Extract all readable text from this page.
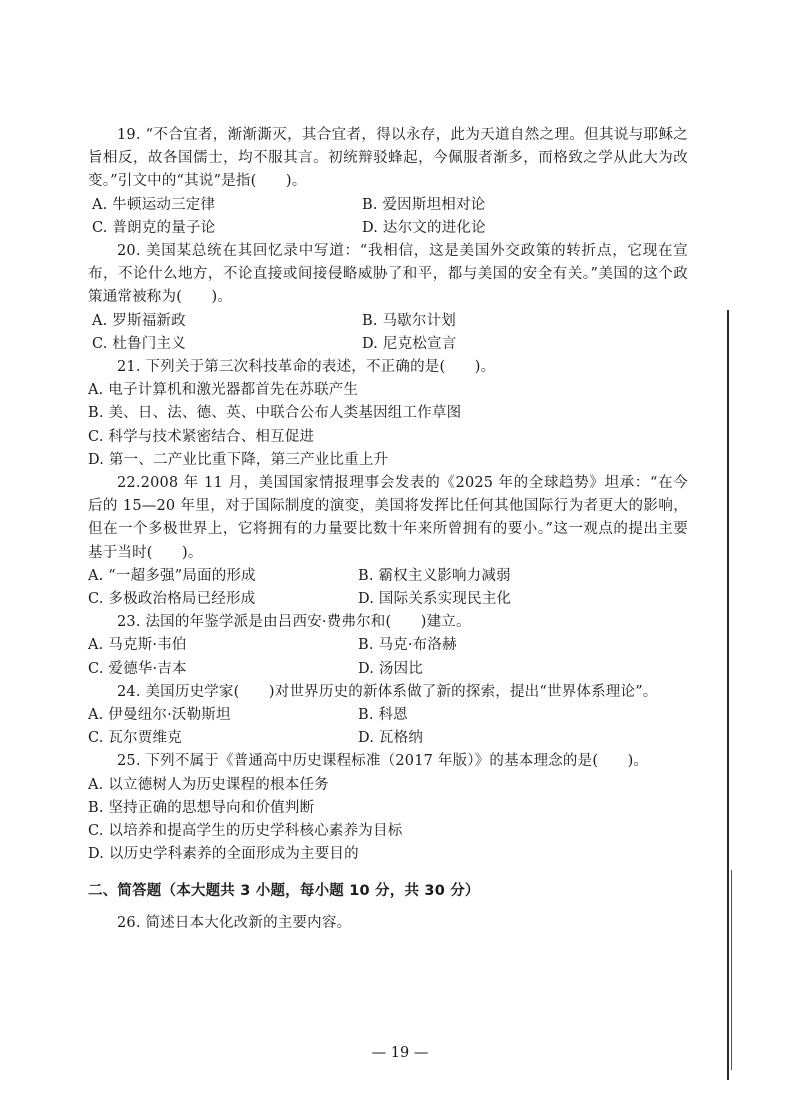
19. “不合宜者，渐渐澌灭，其合宜者，得以永存，此为天道自然之理。但其说与耶稣之旨相反，故各国儒士，均不服其言。初统辩驳蜂起，今佩服者渐多，而格致之学从此大为改变。”引文中的“其说”是指(　　)。

A. 牛顿运动三定律	B. 爱因斯坦相对论
C. 普朗克的量子论	D. 达尔文的进化论

20. 美国某总统在其回忆录中写道：“我相信，这是美国外交政策的转折点，它现在宣布，不论什么地方，不论直接或间接侵略威胁了和平，都与美国的安全有关。”美国的这个政策通常被称为(　　)。

A. 罗斯福新政	B. 马歇尔计划
C. 杜鲁门主义	D. 尼克松宣言

21. 下列关于第三次科技革命的表述，不正确的是(　　)。

A. 电子计算机和激光器都首先在苏联产生

B. 美、日、法、德、英、中联合公布人类基因组工作草图

C. 科学与技术紧密结合、相互促进

D. 第一、二产业比重下降，第三产业比重上升

22.2008 年 11 月，美国国家情报理事会发表的《2025 年的全球趋势》坦承：“在今后的 15—20 年里，对于国际制度的演变，美国将发挥比任何其他国际行为者更大的影响，但在一个多极世界上，它将拥有的力量要比数十年来所曾拥有的要小。”这一观点的提出主要基于当时(　　)。

A. “一超多强”局面的形成	B. 霸权主义影响力减弱
C. 多极政治格局已经形成	D. 国际关系实现民主化

23. 法国的年鉴学派是由吕西安·费弗尔和(　　)建立。

A. 马克斯·韦伯	B. 马克·布洛赫
C. 爱德华·吉本	D. 汤因比

24. 美国历史学家(　　)对世界历史的新体系做了新的探索，提出“世界体系理论”。

A. 伊曼纽尔·沃勒斯坦	B. 科恩
C. 瓦尔贾维克	D. 瓦格纳

25. 下列不属于《普通高中历史课程标准（2017 年版）》的基本理念的是(　　)。

A. 以立德树人为历史课程的根本任务

B. 坚持正确的思想导向和价值判断

C. 以培养和提高学生的历史学科核心素养为目标

D. 以历史学科素养的全面形成为主要目的

二、简答题（本大题共 3 小题，每小题 10 分，共 30 分）

26. 简述日本大化改新的主要内容。

— 19 —
